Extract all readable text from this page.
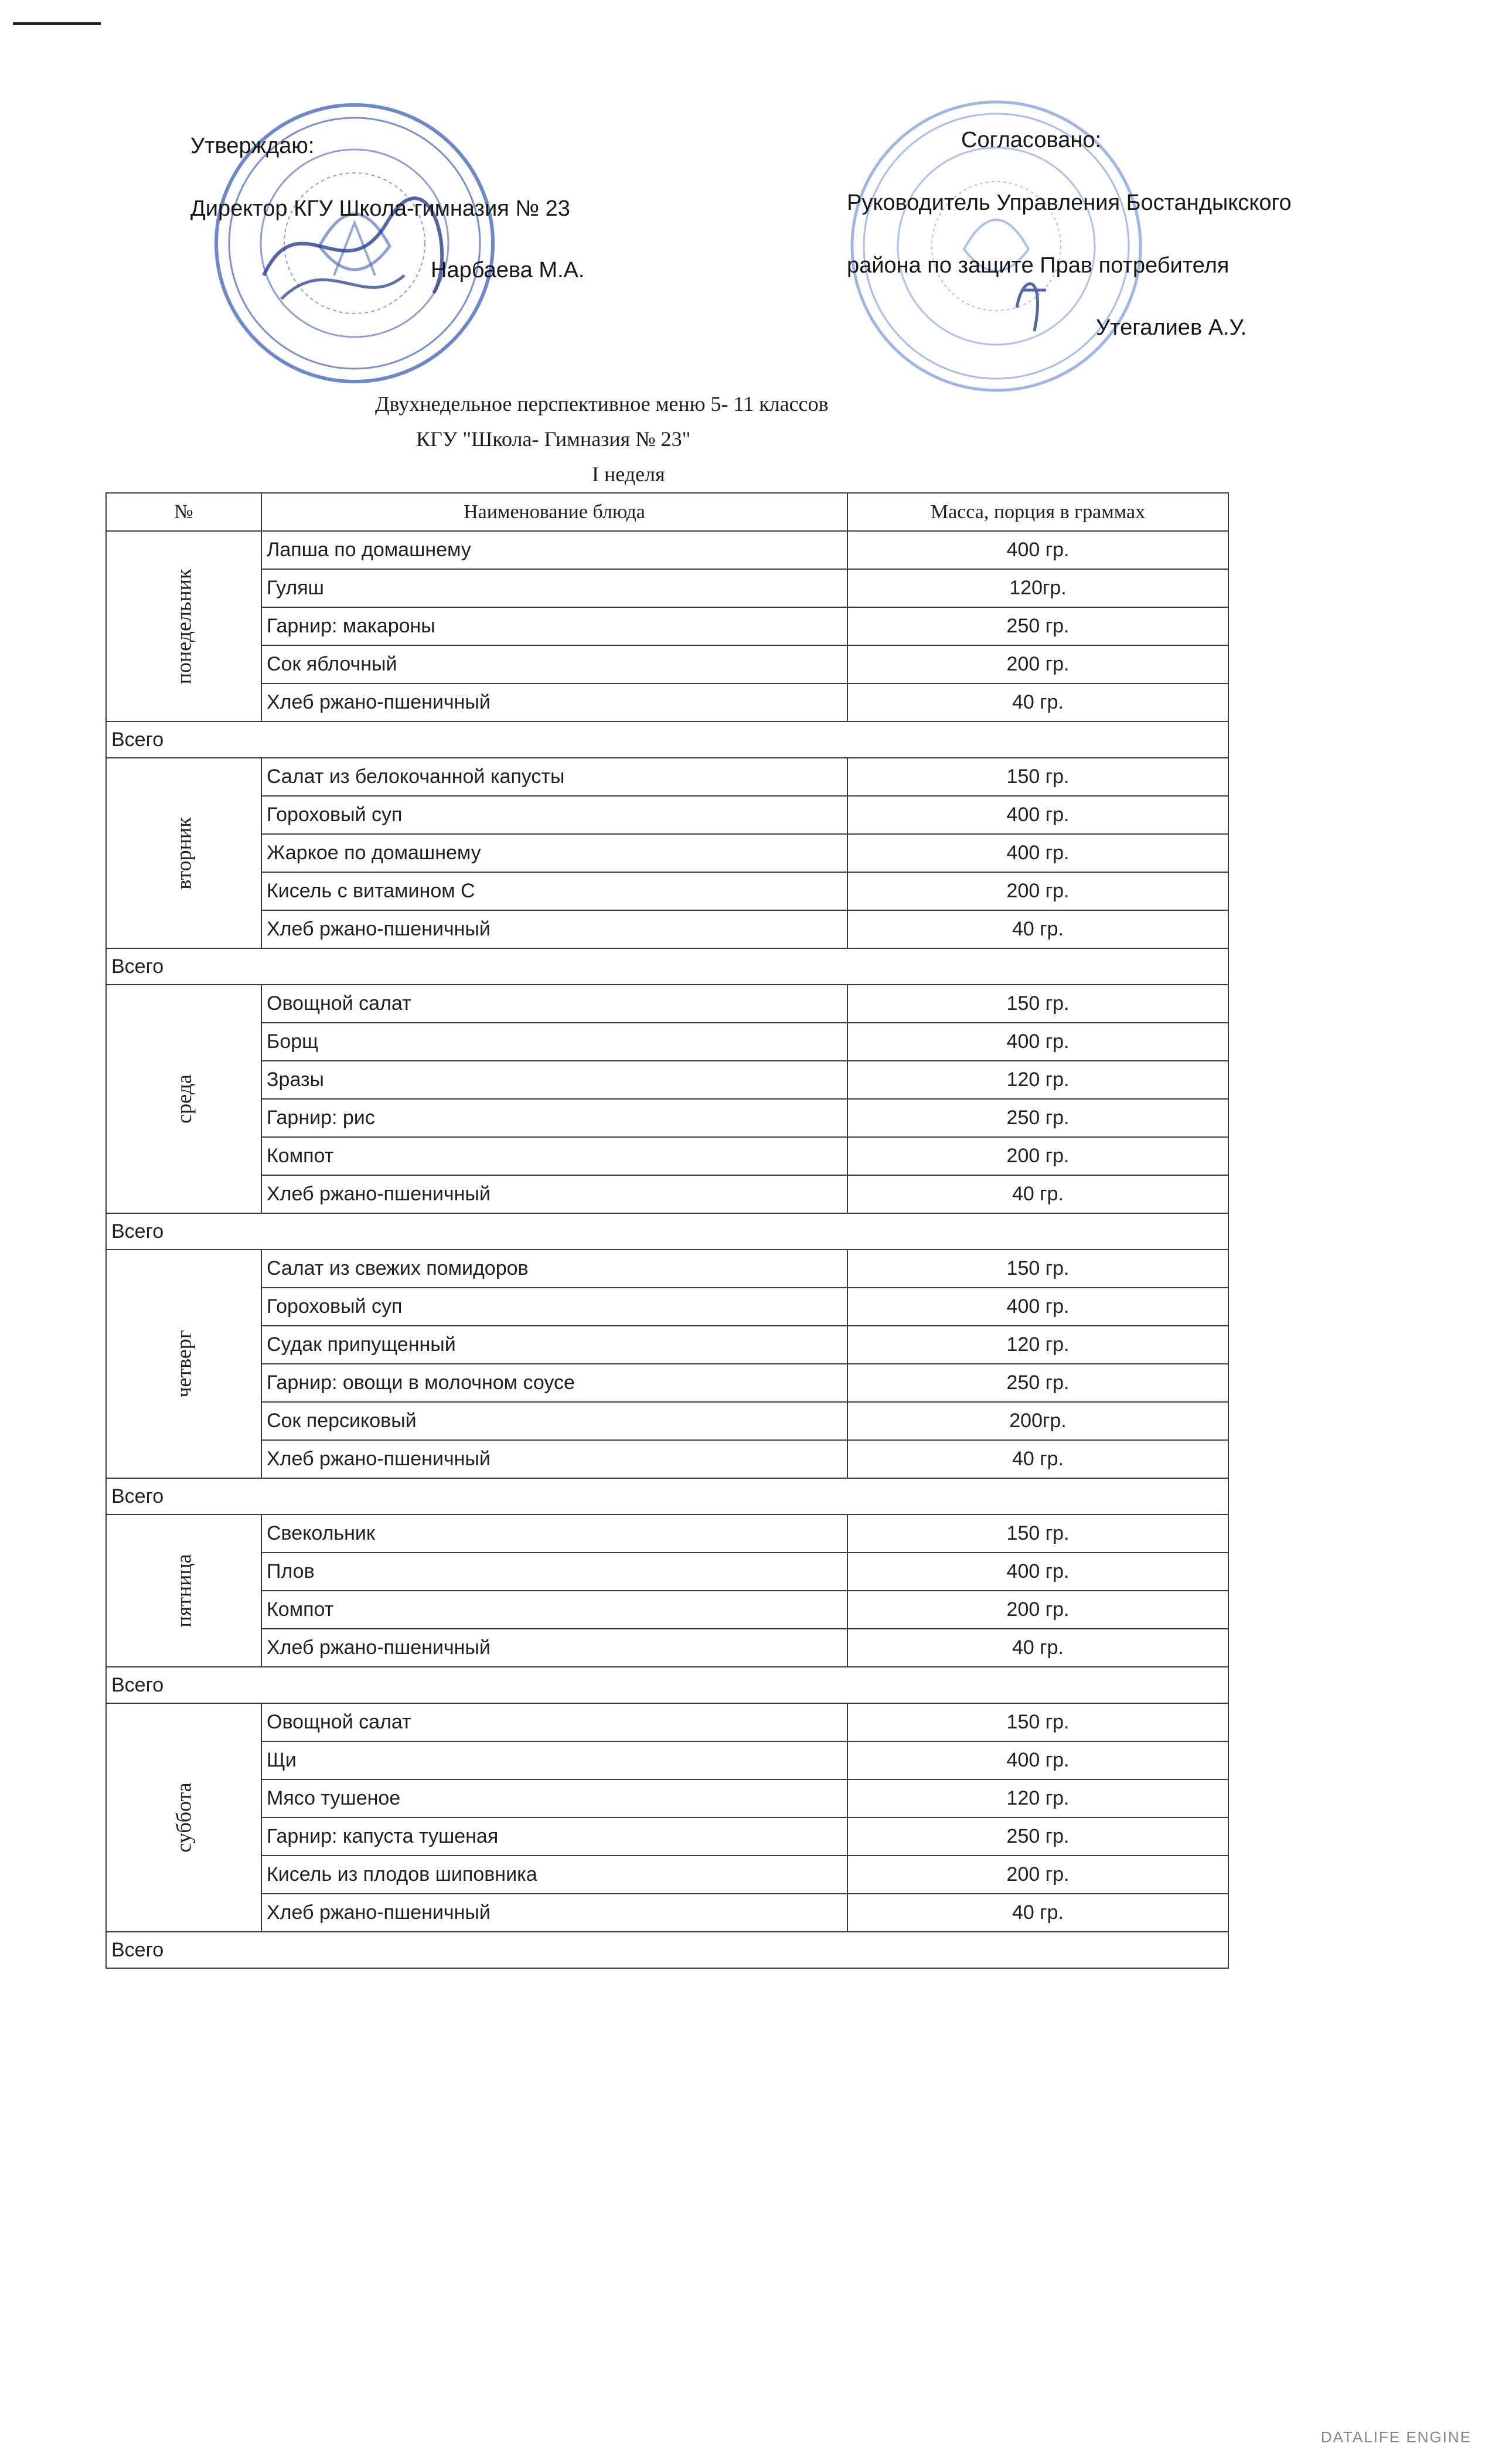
Утверждаю:
Директор КГУ Школа-гимназия № 23
Нарбаева М.А.
Согласовано:
Руководитель Управления Бостандыкского
района по защите Прав потребителя
Утегалиев А.У.
Двухнедельное перспективное меню 5- 11 классов
КГУ "Школа- Гимназия № 23"
I неделя
№	Наименование блюда	Масса, порция в граммах
понедельник	Лапша по домашнему	400 гр.
	Гуляш	120гр.
	Гарнир: макароны	250 гр.
	Сок яблочный	200 гр.
	Хлеб ржано-пшеничный	40 гр.
Всего		
вторник	Салат из белокочанной капусты	150 гр.
	Гороховый суп	400 гр.
	Жаркое по домашнему	400 гр.
	Кисель с витамином С	200 гр.
	Хлеб ржано-пшеничный	40 гр.
Всего		
среда	Овощной салат	150 гр.
	Борщ	400 гр.
	Зразы	120 гр.
	Гарнир: рис	250 гр.
	Компот	200 гр.
	Хлеб ржано-пшеничный	40 гр.
Всего		
четверг	Салат из свежих помидоров	150 гр.
	Гороховый суп	400 гр.
	Судак припущенный	120 гр.
	Гарнир: овощи в молочном соусе	250 гр.
	Сок персиковый	200гр.
	Хлеб ржано-пшеничный	40 гр.
Всего		
пятница	Свекольник	150 гр.
	Плов	400 гр.
	Компот	200 гр.
	Хлеб ржано-пшеничный	40 гр.
Всего		
суббота	Овощной салат	150 гр.
	Щи	400 гр.
	Мясо тушеное	120 гр.
	Гарнир: капуста тушеная	250 гр.
	Кисель из плодов шиповника	200 гр.
	Хлеб ржано-пшеничный	40 гр.
Всего		
DATALIFE ENGINE
